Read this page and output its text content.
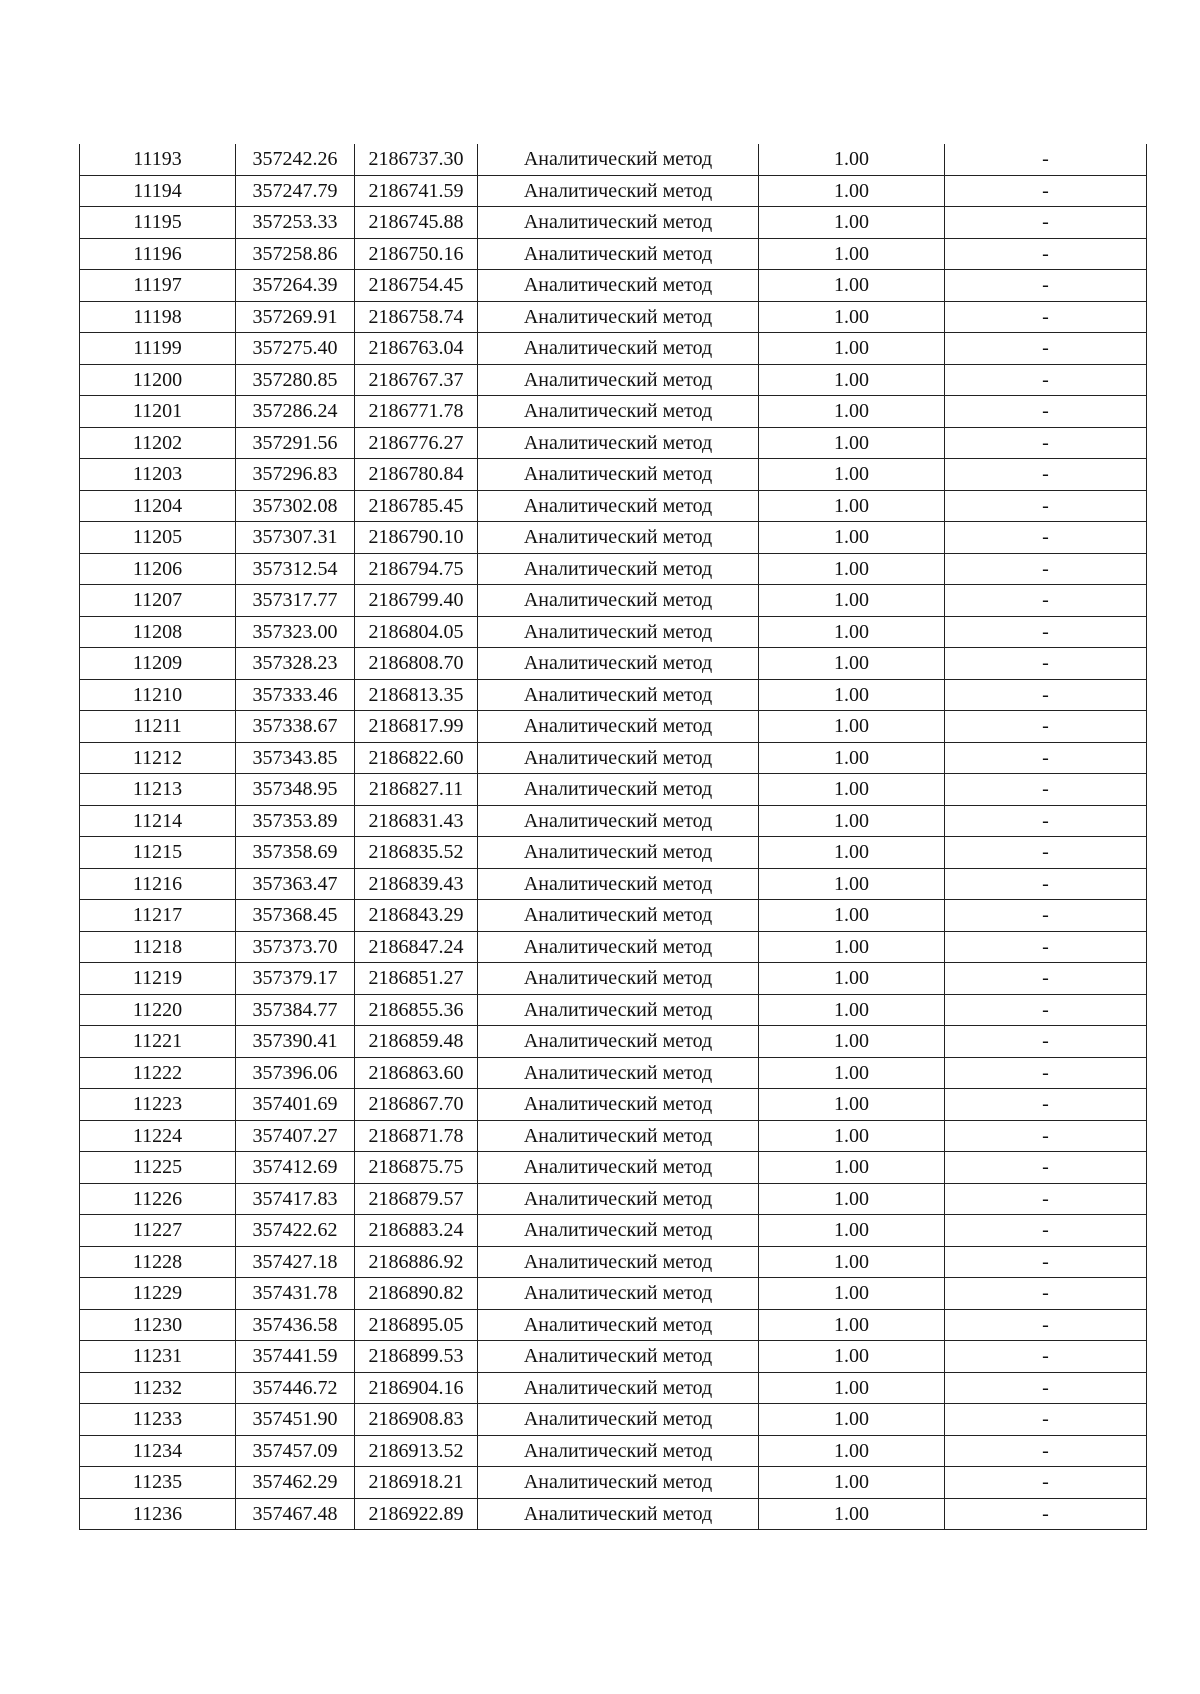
11193	357242.26	2186737.30	Аналитический метод	1.00	-
11194	357247.79	2186741.59	Аналитический метод	1.00	-
11195	357253.33	2186745.88	Аналитический метод	1.00	-
11196	357258.86	2186750.16	Аналитический метод	1.00	-
11197	357264.39	2186754.45	Аналитический метод	1.00	-
11198	357269.91	2186758.74	Аналитический метод	1.00	-
11199	357275.40	2186763.04	Аналитический метод	1.00	-
11200	357280.85	2186767.37	Аналитический метод	1.00	-
11201	357286.24	2186771.78	Аналитический метод	1.00	-
11202	357291.56	2186776.27	Аналитический метод	1.00	-
11203	357296.83	2186780.84	Аналитический метод	1.00	-
11204	357302.08	2186785.45	Аналитический метод	1.00	-
11205	357307.31	2186790.10	Аналитический метод	1.00	-
11206	357312.54	2186794.75	Аналитический метод	1.00	-
11207	357317.77	2186799.40	Аналитический метод	1.00	-
11208	357323.00	2186804.05	Аналитический метод	1.00	-
11209	357328.23	2186808.70	Аналитический метод	1.00	-
11210	357333.46	2186813.35	Аналитический метод	1.00	-
11211	357338.67	2186817.99	Аналитический метод	1.00	-
11212	357343.85	2186822.60	Аналитический метод	1.00	-
11213	357348.95	2186827.11	Аналитический метод	1.00	-
11214	357353.89	2186831.43	Аналитический метод	1.00	-
11215	357358.69	2186835.52	Аналитический метод	1.00	-
11216	357363.47	2186839.43	Аналитический метод	1.00	-
11217	357368.45	2186843.29	Аналитический метод	1.00	-
11218	357373.70	2186847.24	Аналитический метод	1.00	-
11219	357379.17	2186851.27	Аналитический метод	1.00	-
11220	357384.77	2186855.36	Аналитический метод	1.00	-
11221	357390.41	2186859.48	Аналитический метод	1.00	-
11222	357396.06	2186863.60	Аналитический метод	1.00	-
11223	357401.69	2186867.70	Аналитический метод	1.00	-
11224	357407.27	2186871.78	Аналитический метод	1.00	-
11225	357412.69	2186875.75	Аналитический метод	1.00	-
11226	357417.83	2186879.57	Аналитический метод	1.00	-
11227	357422.62	2186883.24	Аналитический метод	1.00	-
11228	357427.18	2186886.92	Аналитический метод	1.00	-
11229	357431.78	2186890.82	Аналитический метод	1.00	-
11230	357436.58	2186895.05	Аналитический метод	1.00	-
11231	357441.59	2186899.53	Аналитический метод	1.00	-
11232	357446.72	2186904.16	Аналитический метод	1.00	-
11233	357451.90	2186908.83	Аналитический метод	1.00	-
11234	357457.09	2186913.52	Аналитический метод	1.00	-
11235	357462.29	2186918.21	Аналитический метод	1.00	-
11236	357467.48	2186922.89	Аналитический метод	1.00	-
